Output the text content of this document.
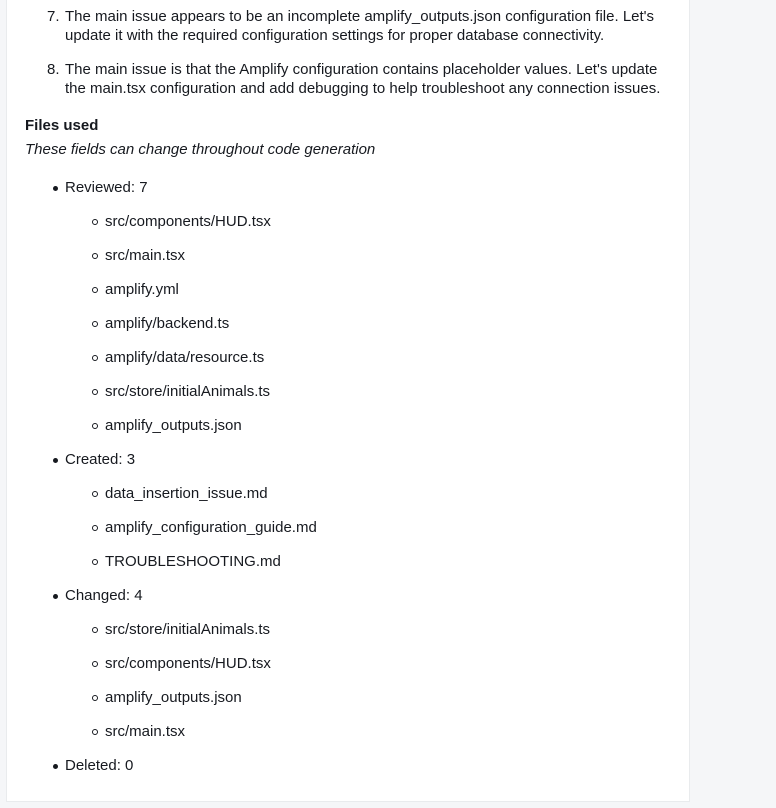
7. The main issue appears to be an incomplete amplify_outputs.json configuration file. Let's
update it with the required configuration settings for proper database connectivity.
8. The main issue is that the Amplify configuration contains placeholder values. Let's update
the main.tsx configuration and add debugging to help troubleshoot any connection issues.
Files used
These fields can change throughout code generation
Reviewed: 7
src/components/HUD.tsx
src/main.tsx
amplify.yml
amplify/backend.ts
amplify/data/resource.ts
src/store/initialAnimals.ts
amplify_outputs.json
Created: 3
data_insertion_issue.md
amplify_configuration_guide.md
TROUBLESHOOTING.md
Changed: 4
src/store/initialAnimals.ts
src/components/HUD.tsx
amplify_outputs.json
src/main.tsx
Deleted: 0
